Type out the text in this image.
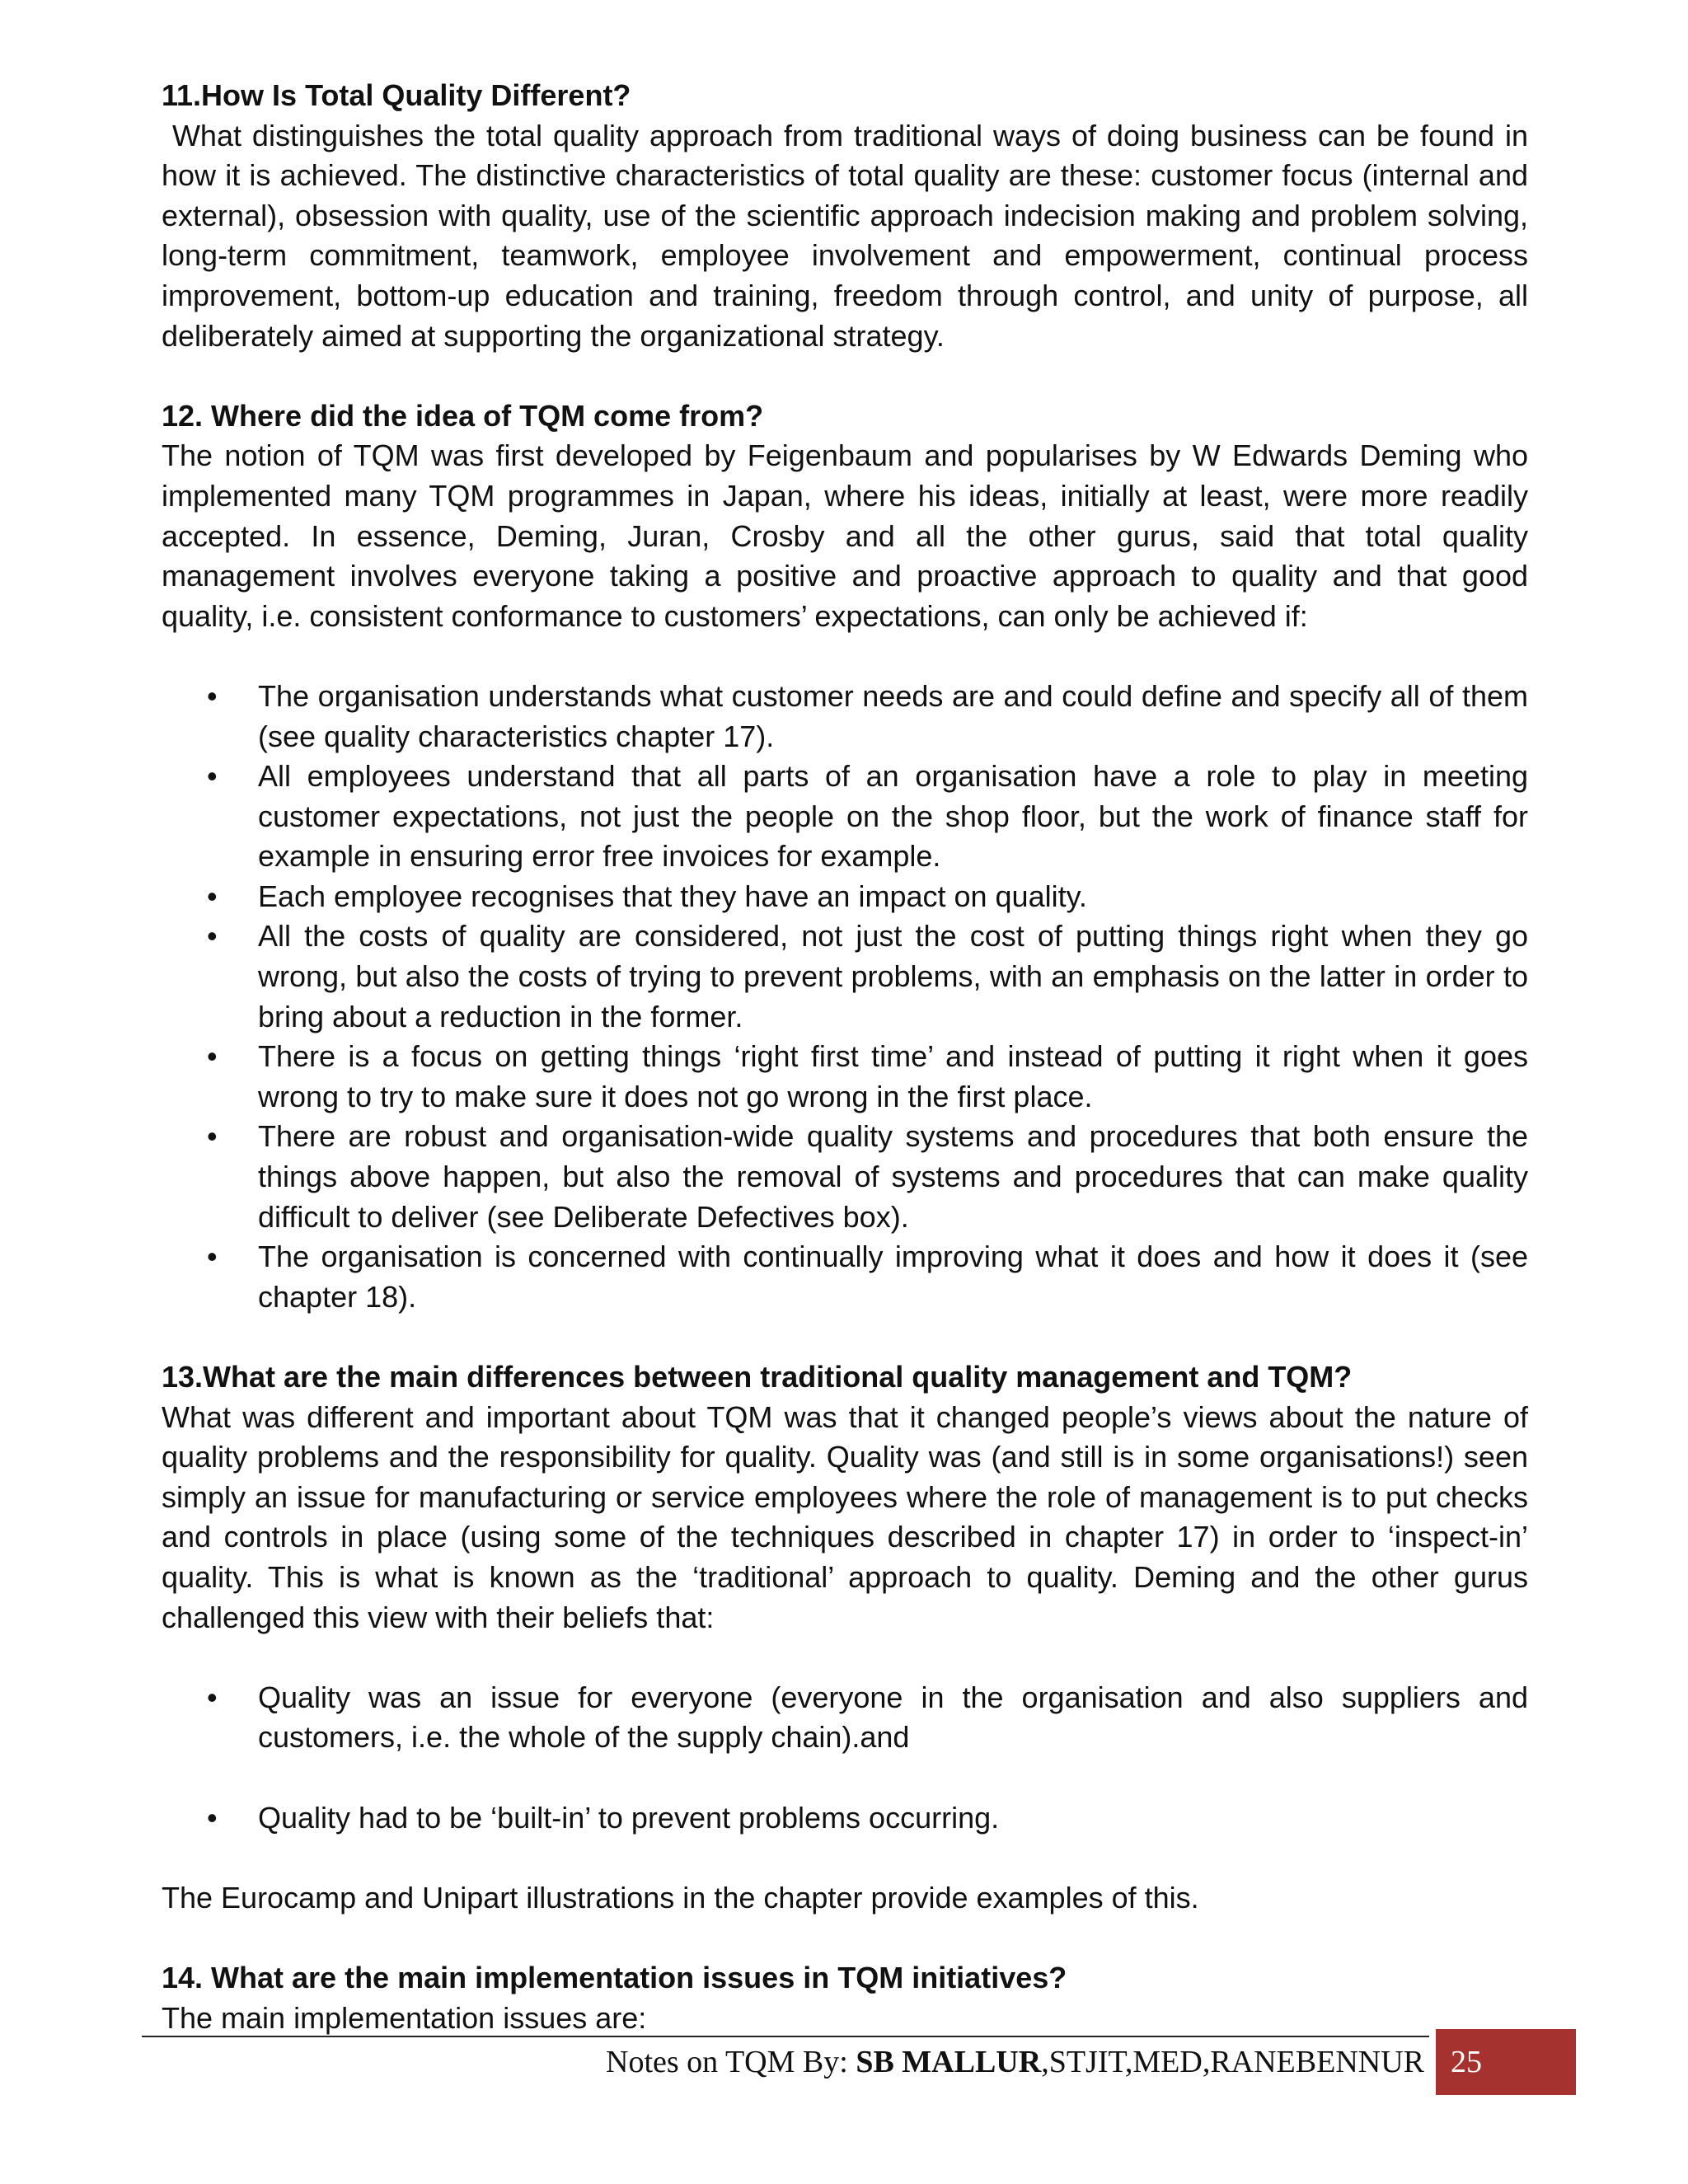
11.How Is Total Quality Different?

What distinguishes the total quality approach from traditional ways of doing business can be found in how it is achieved. The distinctive characteristics of total quality are these: customer focus (internal and external), obsession with quality, use of the scientific approach indecision making and problem solving, long-term commitment, teamwork, employee involvement and empowerment, continual process improvement, bottom-up education and training, freedom through control, and unity of purpose, all deliberately aimed at supporting the organizational strategy.

12. Where did the idea of TQM come from?

The notion of TQM was first developed by Feigenbaum and popularises by W Edwards Deming who implemented many TQM programmes in Japan, where his ideas, initially at least, were more readily accepted. In essence, Deming, Juran, Crosby and all the other gurus, said that total quality management involves everyone taking a positive and proactive approach to quality and that good quality, i.e. consistent conformance to customers’ expectations, can only be achieved if:

• The organisation understands what customer needs are and could define and specify all of them (see quality characteristics chapter 17).
• All employees understand that all parts of an organisation have a role to play in meeting customer expectations, not just the people on the shop floor, but the work of finance staff for example in ensuring error free invoices for example.
• Each employee recognises that they have an impact on quality.
• All the costs of quality are considered, not just the cost of putting things right when they go wrong, but also the costs of trying to prevent problems, with an emphasis on the latter in order to bring about a reduction in the former.
• There is a focus on getting things ‘right first time’ and instead of putting it right when it goes wrong to try to make sure it does not go wrong in the first place.
• There are robust and organisation-wide quality systems and procedures that both ensure the things above happen, but also the removal of systems and procedures that can make quality difficult to deliver (see Deliberate Defectives box).
• The organisation is concerned with continually improving what it does and how it does it (see chapter 18).

13.What are the main differences between traditional quality management and TQM?

What was different and important about TQM was that it changed people’s views about the nature of quality problems and the responsibility for quality. Quality was (and still is in some organisations!) seen simply an issue for manufacturing or service employees where the role of management is to put checks and controls in place (using some of the techniques described in chapter 17) in order to ‘inspect-in’ quality. This is what is known as the ‘traditional’ approach to quality. Deming and the other gurus challenged this view with their beliefs that:

• Quality was an issue for everyone (everyone in the organisation and also suppliers and customers, i.e. the whole of the supply chain).and
• Quality had to be ‘built-in’ to prevent problems occurring.

The Eurocamp and Unipart illustrations in the chapter provide examples of this.

14. What are the main implementation issues in TQM initiatives?

The main implementation issues are:

Notes on TQM By: SB MALLUR,STJIT,MED,RANEBENNUR 25
